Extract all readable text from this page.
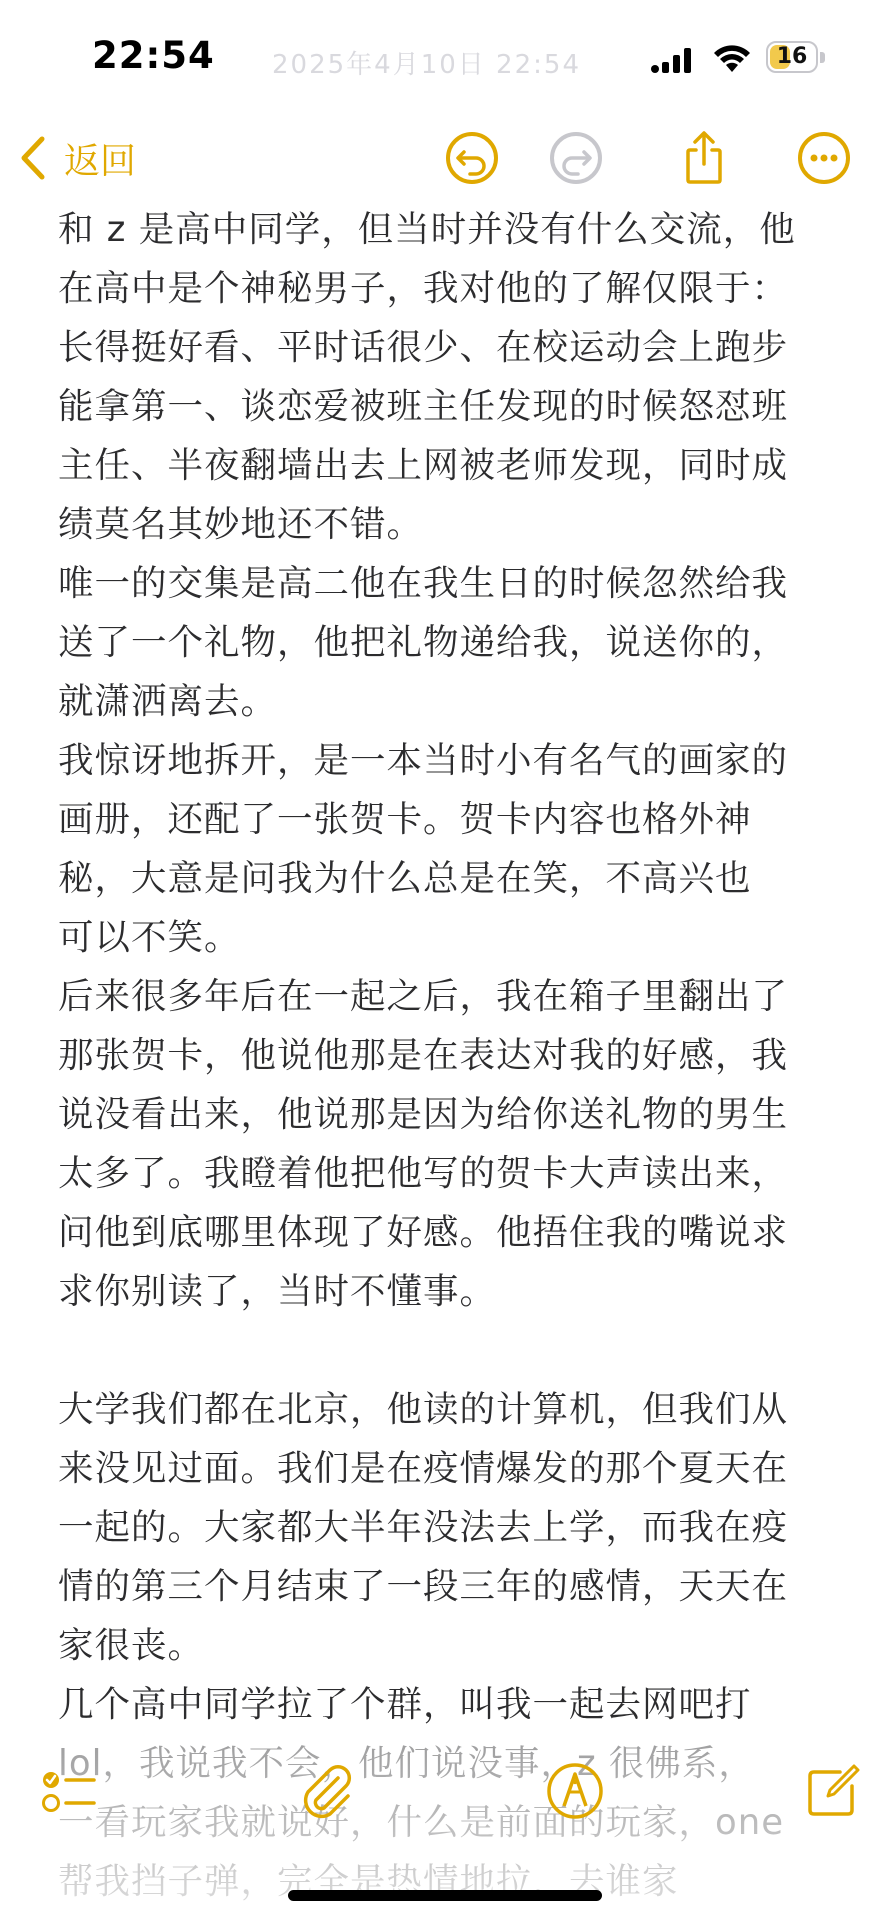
2025年4月10日 22:54
22:54	16
返回

和 z 是高中同学，但当时并没有什么交流，他

在高中是个神秘男子，我对他的了解仅限于：

长得挺好看、平时话很少、在校运动会上跑步

能拿第一、谈恋爱被班主任发现的时候怒怼班

主任、半夜翻墙出去上网被老师发现，同时成

绩莫名其妙地还不错。

唯一的交集是高二他在我生日的时候忽然给我

送了一个礼物，他把礼物递给我，说送你的，

就潇洒离去。

我惊讶地拆开，是一本当时小有名气的画家的

画册，还配了一张贺卡。贺卡内容也格外神

秘，大意是问我为什么总是在笑，不高兴也

可以不笑。

后来很多年后在一起之后，我在箱子里翻出了

那张贺卡，他说他那是在表达对我的好感，我

说没看出来，他说那是因为给你送礼物的男生

太多了。我瞪着他把他写的贺卡大声读出来，

问他到底哪里体现了好感。他捂住我的嘴说求

求你别读了，当时不懂事。

大学我们都在北京，他读的计算机，但我们从

来没见过面。我们是在疫情爆发的那个夏天在

一起的。大家都大半年没法去上学，而我在疫

情的第三个月结束了一段三年的感情，天天在

家很丧。

几个高中同学拉了个群，叫我一起去网吧打
